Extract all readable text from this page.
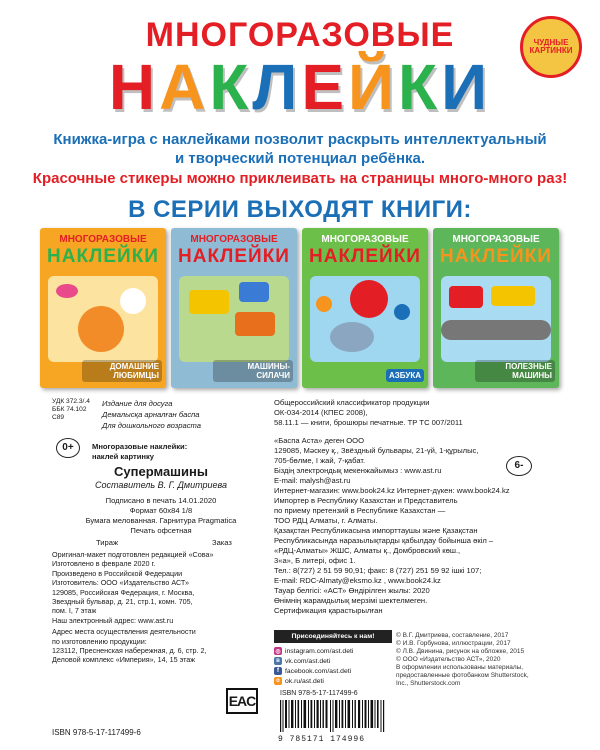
МНОГОРАЗОВЫЕ
НАКЛЕЙКИ
ЧУДНЫЕ КАРТИНКИ
Книжка-игра с наклейками позволит раскрыть интеллектуальный
и творческий потенциал ребёнка.
Красочные стикеры можно приклеивать на страницы много-много раз!
В СЕРИИ ВЫХОДЯТ КНИГИ:
МНОГОРАЗОВЫЕ
НАКЛЕЙКИ
ДОМАШНИЕ ЛЮБИМЦЫ
МНОГОРАЗОВЫЕ
НАКЛЕЙКИ
МАШИНЫ-СИЛАЧИ
МНОГОРАЗОВЫЕ
НАКЛЕЙКИ
АЗБУКА
МНОГОРАЗОВЫЕ
НАКЛЕЙКИ
ПОЛЕЗНЫЕ МАШИНЫ
УДК 372.3/.4
ББК 74.102
С89
Издание для досуга
Демалысқа арналған баспа
Для дошкольного возраста
0+	Многоразовые наклейки:
наклей картинку
Супермашины
Составитель В. Г. Дмитриева
Подписано в печать 14.01.2020
Формат 60х84 1/8
Бумага мелованная. Гарнитура Pragmatica
Печать офсетная
Тираж	Заказ
Оригинал-макет подготовлен редакцией «Сова»
Изготовлено в феврале 2020 г.
Произведено в Российской Федерации
Изготовитель: ООО «Издательство АСТ»
129085, Российская Федерация, г. Москва,
Звездный бульвар, д. 21, стр.1, комн. 705,
пом. I, 7 этаж
Наш электронный адрес: www.ast.ru
Адрес места осуществления деятельности
по изготовлению продукции:
123112, Пресненская набережная, д. 6, стр. 2,
Деловой комплекс «Империя», 14, 15 этаж
EAC
ISBN 978-5-17-117499-6
Общероссийский классификатор продукции
ОК-034-2014 (КПЕС 2008),
58.11.1 — книги, брошюры печатные. ТР ТС 007/2011
«Баспа Аста» деген ООО
129085, Мәскеу қ., Звёздный бульвары, 21-үй, 1-құрылыс,
705-бөлме, I жай, 7-қабат.
Біздің электрондық мекенжайымыз : www.ast.ru
E-mail: malysh@ast.ru
Интернет-магазин: www.book24.kz Интернет-дүкен: www.book24.kz
Импортер в Республику Казахстан и Представитель
по приему претензий в Республике Казахстан —
ТОО РДЦ Алматы, г. Алматы.
Қазақстан Республикасына импорттаушы және Қазақстан
Республикасында наразылықтарды қабылдау бойынша өкіл –
«РДЦ-Алматы» ЖШС, Алматы қ., Домбровский көш.,
3«а», Б литері, офис 1.
Тел.: 8(727) 2 51 59 90,91; факс: 8 (727) 251 59 92 ішкі 107;
E-mail: RDC-Almaty@eksmo.kz , www.book24.kz
Тауар белгісі: «АСТ» Өндірілген жылы: 2020
Өнімнің жарамдылық мерзімі шектелмеген.
Сертификация қарастырылған
6-
Присоединяйтесь к нам!
◎ instagram.com/ast.deti
в vk.com/ast.deti
f facebook.com/ast.deti
o ok.ru/ast.deti
ISBN 978-5-17-117499-6
9 785171 174996
© В.Г. Дмитриева, составление, 2017
© И.В. Горбунова, иллюстрации, 2017
© Л.В. Двинина, рисунок на обложке, 2015
© ООО «Издательство АСТ», 2020
В оформлении использованы материалы,
предоставленные фотобанком Shutterstock,
Inc., Shutterstock.com
